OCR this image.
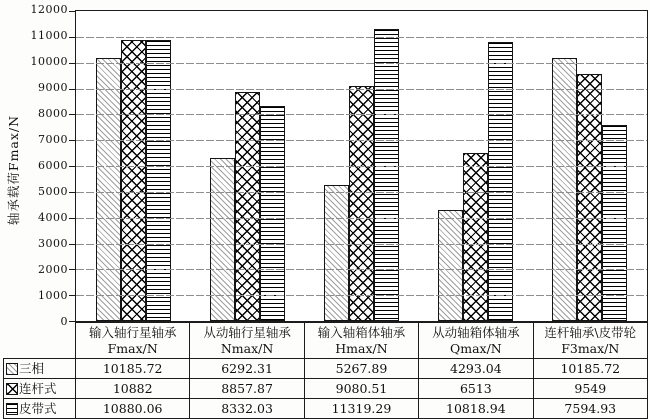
轴承载荷Fmax/N
0
1000
2000
3000
4000
5000
6000
7000
8000
9000
10000
11000
12000

输入轴行星轴承
Fmax/N

从动轴行星轴承
Nmax/N

输入轴箱体轴承
Hmax/N

从动轴箱体轴承
Qmax/N

连杆轴承\皮带轮
F3max/N

三相	10185.72	6292.31	5267.89	4293.04	10185.72
连杆式	10882	8857.87	9080.51	6513	9549
皮带式	10880.06	8332.03	11319.29	10818.94	7594.93
